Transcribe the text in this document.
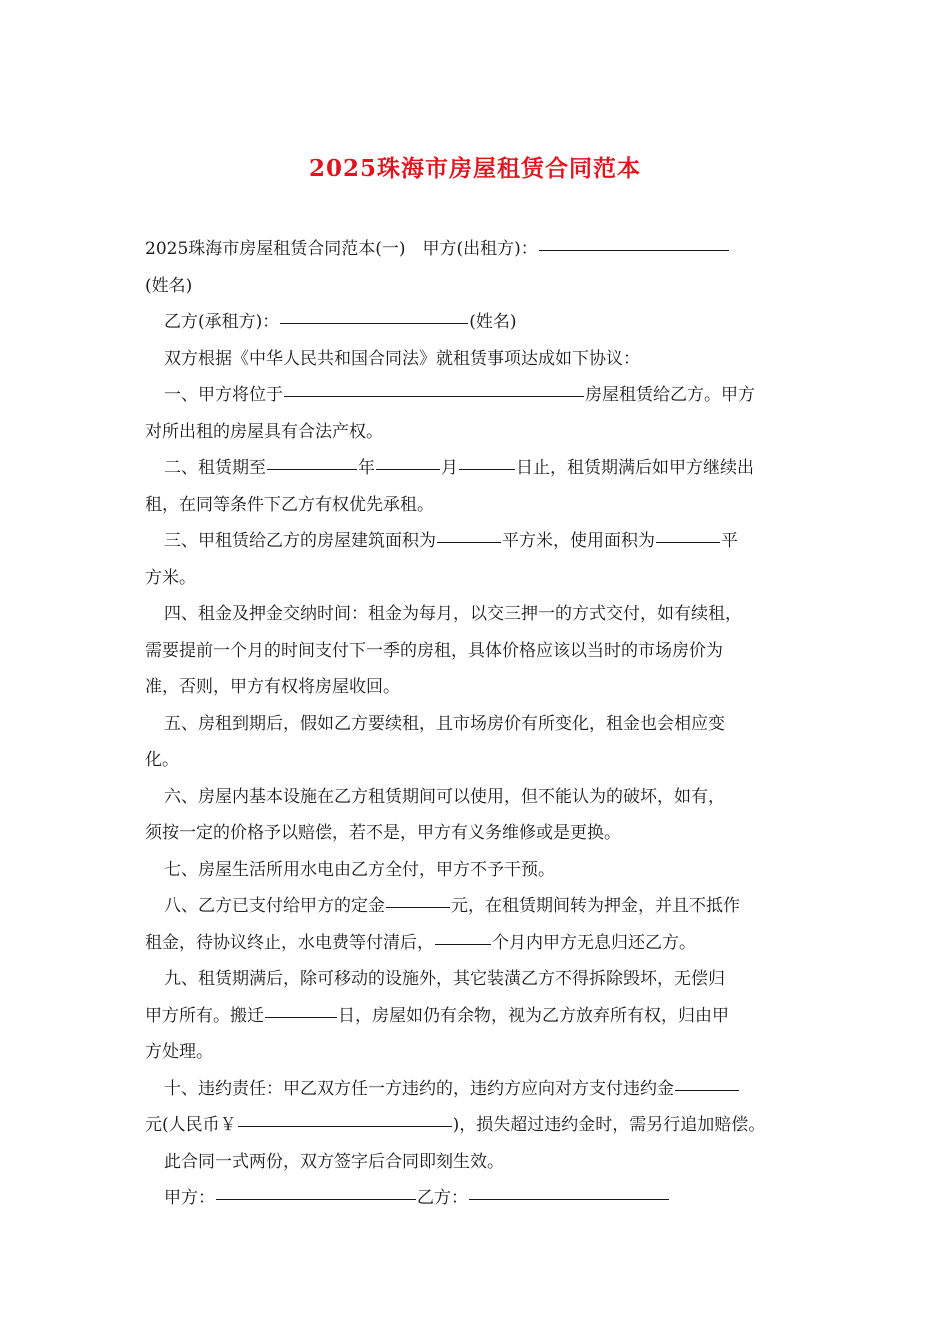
2025珠海市房屋租赁合同范本
2025珠海市房屋租赁合同范本(一)　甲方(出租方)：
(姓名)
乙方(承租方)：	(姓名)
双方根据《中华人民共和国合同法》就租赁事项达成如下协议：
一、甲方将位于	房屋租赁给乙方。甲方
对所出租的房屋具有合法产权。
二、租赁期至	年	月	日止，租赁期满后如甲方继续出
租，在同等条件下乙方有权优先承租。
三、甲租赁给乙方的房屋建筑面积为	平方米，使用面积为	平
方米。
四、租金及押金交纳时间：租金为每月，以交三押一的方式交付，如有续租，
需要提前一个月的时间支付下一季的房租，具体价格应该以当时的市场房价为
准，否则，甲方有权将房屋收回。
五、房租到期后，假如乙方要续租，且市场房价有所变化，租金也会相应变
化。
六、房屋内基本设施在乙方租赁期间可以使用，但不能认为的破坏，如有，
须按一定的价格予以赔偿，若不是，甲方有义务维修或是更换。
七、房屋生活所用水电由乙方全付，甲方不予干预。
八、乙方已支付给甲方的定金	元，在租赁期间转为押金，并且不抵作
租金，待协议终止，水电费等付清后，	个月内甲方无息归还乙方。
九、租赁期满后，除可移动的设施外，其它装潢乙方不得拆除毁坏，无偿归
甲方所有。搬迁	日，房屋如仍有余物，视为乙方放弃所有权，归由甲
方处理。
十、违约责任：甲乙双方任一方违约的，违约方应向对方支付违约金
元(人民币￥	)，损失超过违约金时，需另行追加赔偿。
此合同一式两份，双方签字后合同即刻生效。
甲方：	乙方：
